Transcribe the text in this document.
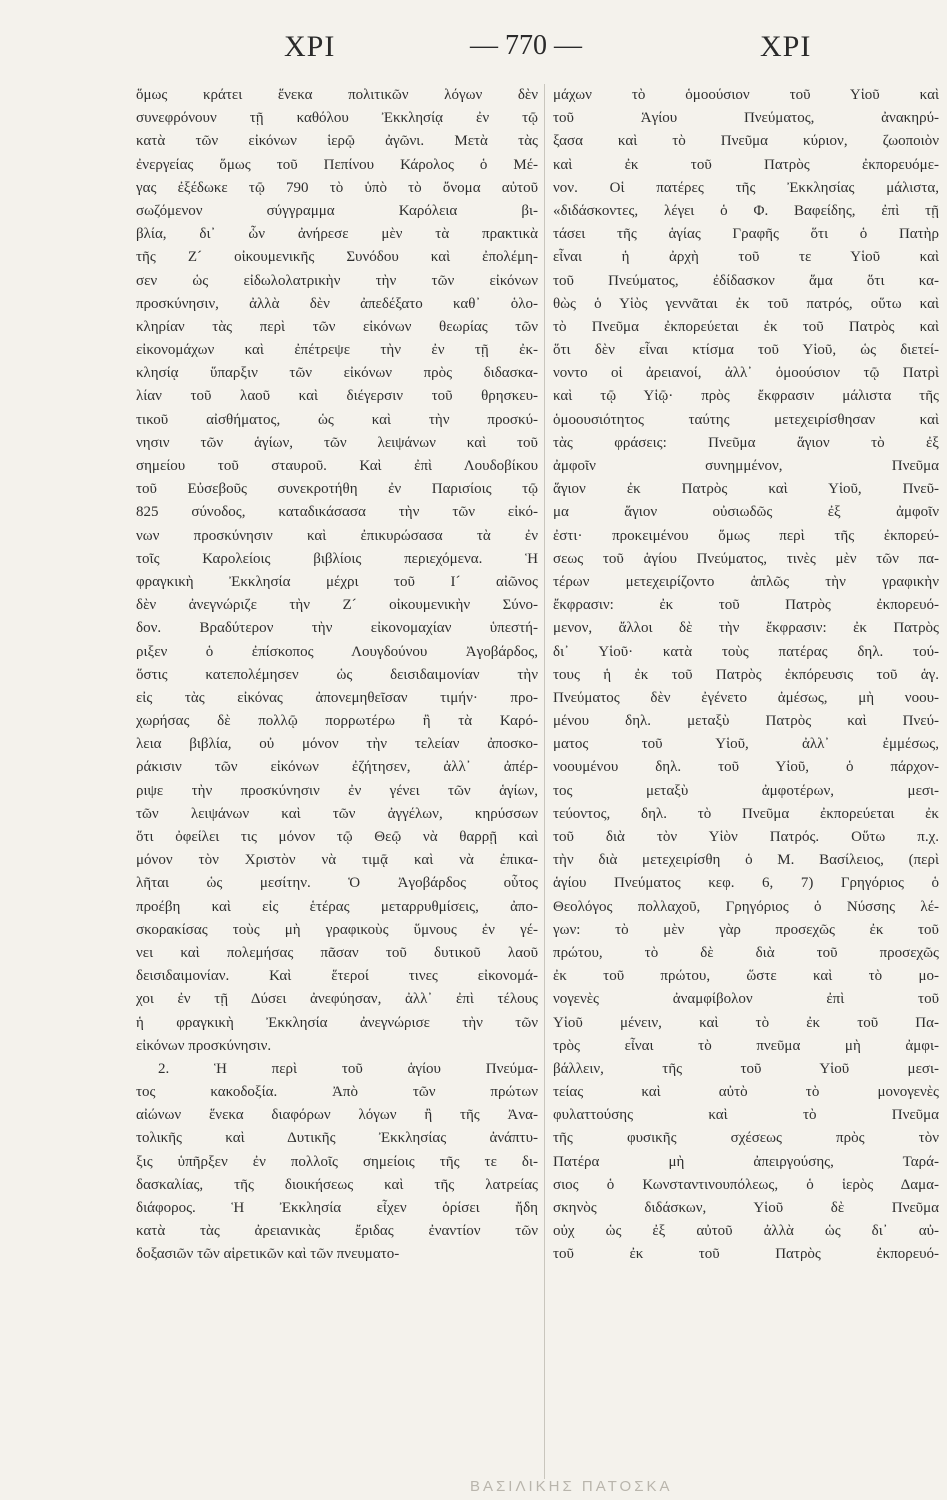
ΧΡΙ	— 770 —	ΧΡΙ
ὅμως κράτει ἕνεκα πολιτικῶν λόγων δὲν
συνεφρόνουν τῇ καθόλου Ἐκκλησίᾳ ἐν τῷ
κατὰ τῶν εἰκόνων ἱερῷ ἀγῶνι. Μετὰ τὰς
ἐνεργείας ὅμως τοῦ Πεπίνου Κάρολος ὁ Μέ-
γας ἐξέδωκε τῷ 790 τὸ ὑπὸ τὸ ὄνομα αὐτοῦ
σωζόμενον σύγγραμμα Καρόλεια βι-
βλία, δι᾽ ὧν ἀνήρεσε μὲν τὰ πρακτικὰ
τῆς Ζ´ οἰκουμενικῆς Συνόδου καὶ ἐπολέμη-
σεν ὡς εἰδωλολατρικὴν τὴν τῶν εἰκόνων
προσκύνησιν, ἀλλὰ δὲν ἀπεδέξατο καθ᾽ ὁλο-
κληρίαν τὰς περὶ τῶν εἰκόνων θεωρίας τῶν
εἰκονομάχων καὶ ἐπέτρεψε τὴν ἐν τῇ ἐκ-
κλησίᾳ ὕπαρξιν τῶν εἰκόνων πρὸς διδασκα-
λίαν τοῦ λαοῦ καὶ διέγερσιν τοῦ θρησκευ-
τικοῦ αἰσθήματος, ὡς καὶ τὴν προσκύ-
νησιν τῶν ἁγίων, τῶν λειψάνων καὶ τοῦ
σημείου τοῦ σταυροῦ. Καὶ ἐπὶ Λουδοβίκου
τοῦ Εὐσεβοῦς συνεκροτήθη ἐν Παρισίοις τῷ
825 σύνοδος, καταδικάσασα τὴν τῶν εἰκό-
νων προσκύνησιν καὶ ἐπικυρώσασα τὰ ἐν
τοῖς Καρολείοις βιβλίοις περιεχόμενα. Ἡ
φραγκικὴ Ἐκκλησία μέχρι τοῦ Ι´ αἰῶνος
δὲν ἀνεγνώριζε τὴν Ζ´ οἰκουμενικὴν Σύνο-
δον. Βραδύτερον τὴν εἰκονομαχίαν ὑπεστή-
ριξεν ὁ ἐπίσκοπος Λουγδούνου Ἀγοβάρδος,
ὅστις κατεπολέμησεν ὡς δεισιδαιμονίαν τὴν
εἰς τὰς εἰκόνας ἀπονεμηθεῖσαν τιμήν· προ-
χωρήσας δὲ πολλῷ πορρωτέρω ἢ τὰ Καρό-
λεια βιβλία, οὐ μόνον τὴν τελείαν ἀποσκο-
ράκισιν τῶν εἰκόνων ἐζήτησεν, ἀλλ᾽ ἀπέρ-
ριψε τὴν προσκύνησιν ἐν γένει τῶν ἁγίων,
τῶν λειψάνων καὶ τῶν ἀγγέλων, κηρύσσων
ὅτι ὀφείλει τις μόνον τῷ Θεῷ νὰ θαρρῇ καὶ
μόνον τὸν Χριστὸν νὰ τιμᾷ καὶ νὰ ἐπικα-
λῆται ὡς μεσίτην. Ὁ Ἀγοβάρδος οὗτος
προέβη καὶ εἰς ἑτέρας μεταρρυθμίσεις, ἀπο-
σκορακίσας τοὺς μὴ γραφικοὺς ὕμνους ἐν γέ-
νει καὶ πολεμήσας πᾶσαν τοῦ δυτικοῦ λαοῦ
δεισιδαιμονίαν. Καὶ ἕτεροί τινες εἰκονομά-
χοι ἐν τῇ Δύσει ἀνεφύησαν, ἀλλ᾽ ἐπὶ τέλους
ἡ φραγκικὴ Ἐκκλησία ἀνεγνώρισε τὴν τῶν
εἰκόνων προσκύνησιν.
2. Ἡ περὶ τοῦ ἁγίου Πνεύμα-
τος κακοδοξία. Ἀπὸ τῶν πρώτων
αἰώνων ἕνεκα διαφόρων λόγων ἢ τῆς Ἀνα-
τολικῆς καὶ Δυτικῆς Ἐκκλησίας ἀνάπτυ-
ξις ὑπῆρξεν ἐν πολλοῖς σημείοις τῆς τε δι-
δασκαλίας, τῆς διοικήσεως καὶ τῆς λατρείας
διάφορος. Ἡ Ἐκκλησία εἶχεν ὁρίσει ἤδη
κατὰ τὰς ἀρειανικὰς ἔριδας ἐναντίον τῶν
δοξασιῶν τῶν αἱρετικῶν καὶ τῶν πνευματο-
μάχων τὸ ὁμοούσιον τοῦ Υἱοῦ καὶ
τοῦ Ἁγίου Πνεύματος, ἀνακηρύ-
ξασα καὶ τὸ Πνεῦμα κύριον, ζωοποιὸν
καὶ ἐκ τοῦ Πατρὸς ἐκπορευόμε-
νον. Οἱ πατέρες τῆς Ἐκκλησίας μάλιστα,
«διδάσκοντες, λέγει ὁ Φ. Βαφείδης, ἐπὶ τῇ
τάσει τῆς ἁγίας Γραφῆς ὅτι ὁ Πατὴρ
εἶναι ἡ ἀρχὴ τοῦ τε Υἱοῦ καὶ
τοῦ Πνεύματος, ἐδίδασκον ἅμα ὅτι κα-
θὼς ὁ Υἱὸς γεννᾶται ἐκ τοῦ πατρός, οὕτω καὶ
τὸ Πνεῦμα ἐκπορεύεται ἐκ τοῦ Πατρὸς καὶ
ὅτι δὲν εἶναι κτίσμα τοῦ Υἱοῦ, ὡς διετεί-
νοντο οἱ ἀρειανοί, ἀλλ᾽ ὁμοούσιον τῷ Πατρὶ
καὶ τῷ Υἱῷ· πρὸς ἔκφρασιν μάλιστα τῆς
ὁμοουσιότητος ταύτης μετεχειρίσθησαν καὶ
τὰς φράσεις: Πνεῦμα ἅγιον τὸ ἐξ
ἀμφοῖν συνημμένον, Πνεῦμα
ἅγιον ἐκ Πατρὸς καὶ Υἱοῦ, Πνεῦ-
μα ἅγιον οὐσιωδῶς ἐξ ἀμφοῖν
ἐστι· προκειμένου ὅμως περὶ τῆς ἐκπορεύ-
σεως τοῦ ἁγίου Πνεύματος, τινὲς μὲν τῶν πα-
τέρων μετεχειρίζοντο ἁπλῶς τὴν γραφικὴν
ἔκφρασιν: ἐκ τοῦ Πατρὸς ἐκπορευό-
μενον, ἄλλοι δὲ τὴν ἔκφρασιν: ἐκ Πατρὸς
δι᾽ Υἱοῦ· κατὰ τοὺς πατέρας δηλ. τού-
τους ἡ ἐκ τοῦ Πατρὸς ἐκπόρευσις τοῦ ἁγ.
Πνεύματος δὲν ἐγένετο ἀμέσως, μὴ νοου-
μένου δηλ. μεταξὺ Πατρὸς καὶ Πνεύ-
ματος τοῦ Υἱοῦ, ἀλλ᾽ ἐμμέσως,
νοουμένου δηλ. τοῦ Υἱοῦ, ὁ πάρχον-
τος μεταξὺ ἀμφοτέρων, μεσι-
τεύοντος, δηλ. τὸ Πνεῦμα ἐκπορεύεται ἐκ
τοῦ διὰ τὸν Υἱὸν Πατρός. Οὕτω π.χ.
τὴν διὰ μετεχειρίσθη ὁ Μ. Βασίλειος, (περὶ
ἁγίου Πνεύματος κεφ. 6, 7) Γρηγόριος ὁ
Θεολόγος πολλαχοῦ, Γρηγόριος ὁ Νύσσης λέ-
γων: τὸ μὲν γὰρ προσεχῶς ἐκ τοῦ
πρώτου, τὸ δὲ διὰ τοῦ προσεχῶς
ἐκ τοῦ πρώτου, ὥστε καὶ τὸ μο-
νογενὲς ἀναμφίβολον ἐπὶ τοῦ
Υἱοῦ μένειν, καὶ τὸ ἐκ τοῦ Πα-
τρὸς εἶναι τὸ πνεῦμα μὴ ἀμφι-
βάλλειν, τῆς τοῦ Υἱοῦ μεσι-
τείας καὶ αὐτὸ τὸ μονογενὲς
φυλαττούσης καὶ τὸ Πνεῦμα
τῆς φυσικῆς σχέσεως πρὸς τὸν
Πατέρα μὴ ἀπειργούσης, Ταρά-
σιος ὁ Κωνσταντινουπόλεως, ὁ ἱερὸς Δαμα-
σκηνὸς διδάσκων, Υἱοῦ δὲ Πνεῦμα
οὐχ ὡς ἐξ αὐτοῦ ἀλλὰ ὡς δι᾽ αὐ-
τοῦ ἐκ τοῦ Πατρὸς ἐκπορευό-
ΒΑΣΙΛΙΚΗΣ ΠΑΤΟΣΚΑ
